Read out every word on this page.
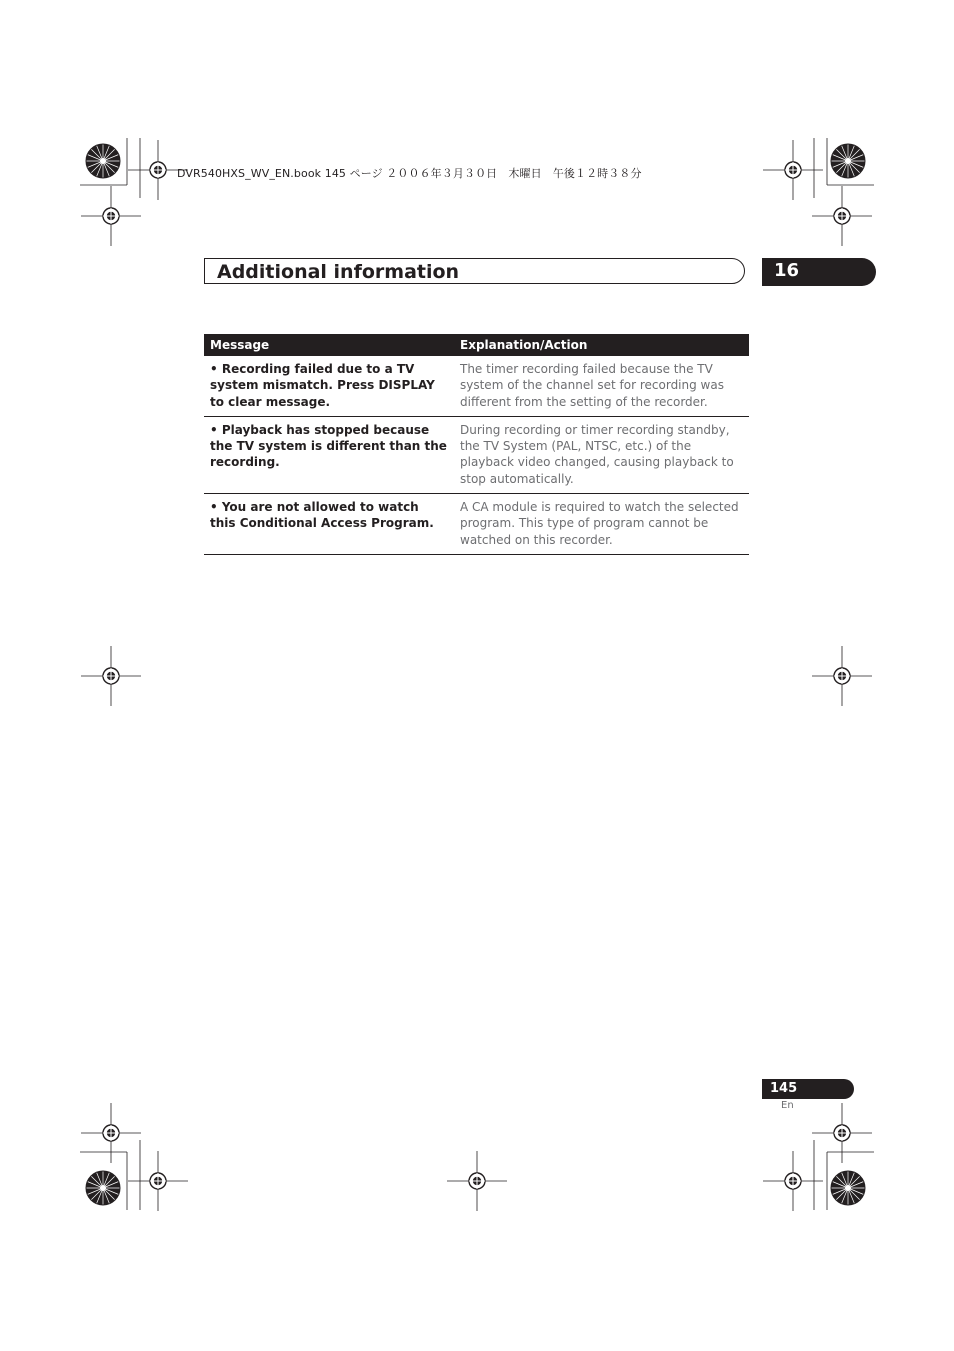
DVR540HXS_WV_EN.book 145 ページ ２００６年３月３０日　木曜日　午後１２時３８分
Additional information	16
Message	Explanation/Action
• Recording failed due to a TV system mismatch. Press DISPLAY to clear message.	The timer recording failed because the TV system of the channel set for recording was different from the setting of the recorder.
• Playback has stopped because the TV system is different than the recording.	During recording or timer recording standby, the TV System (PAL, NTSC, etc.) of the playback video changed, causing playback to stop automatically.
• You are not allowed to watch this Conditional Access Program.	A CA module is required to watch the selected program. This type of program cannot be watched on this recorder.
145
En
